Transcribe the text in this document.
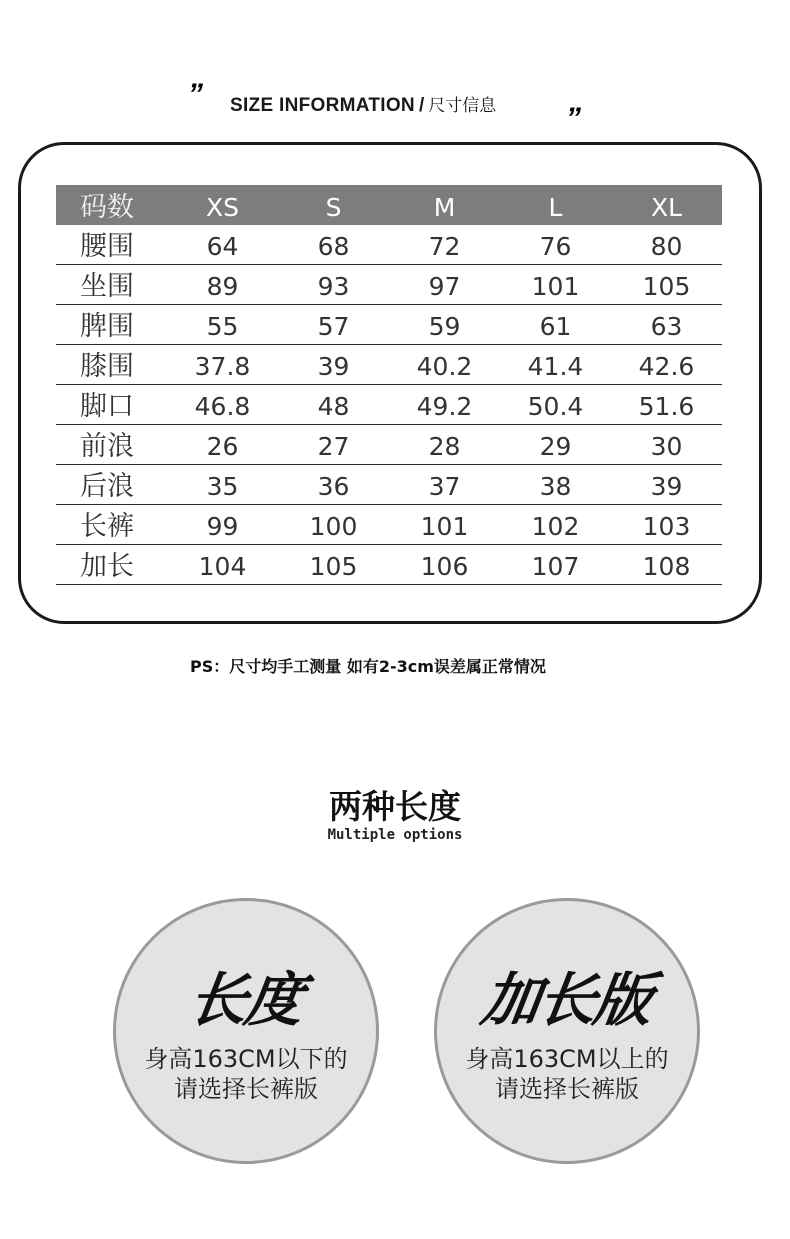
” SIZE INFORMATION / 尺寸信息 ”
码数	XS	S	M	L	XL
腰围	64	68	72	76	80
坐围	89	93	97	101	105
脾围	55	57	59	61	63
膝围	37.8	39	40.2	41.4	42.6
脚口	46.8	48	49.2	50.4	51.6
前浪	26	27	28	29	30
后浪	35	36	37	38	39
长裤	99	100	101	102	103
加长	104	105	106	107	108
PS：尺寸均手工测量 如有2-3cm误差属正常情况
两种长度
Multiple options
长度
身高163CM以下的
请选择长裤版
加长版
身高163CM以上的
请选择长裤版
